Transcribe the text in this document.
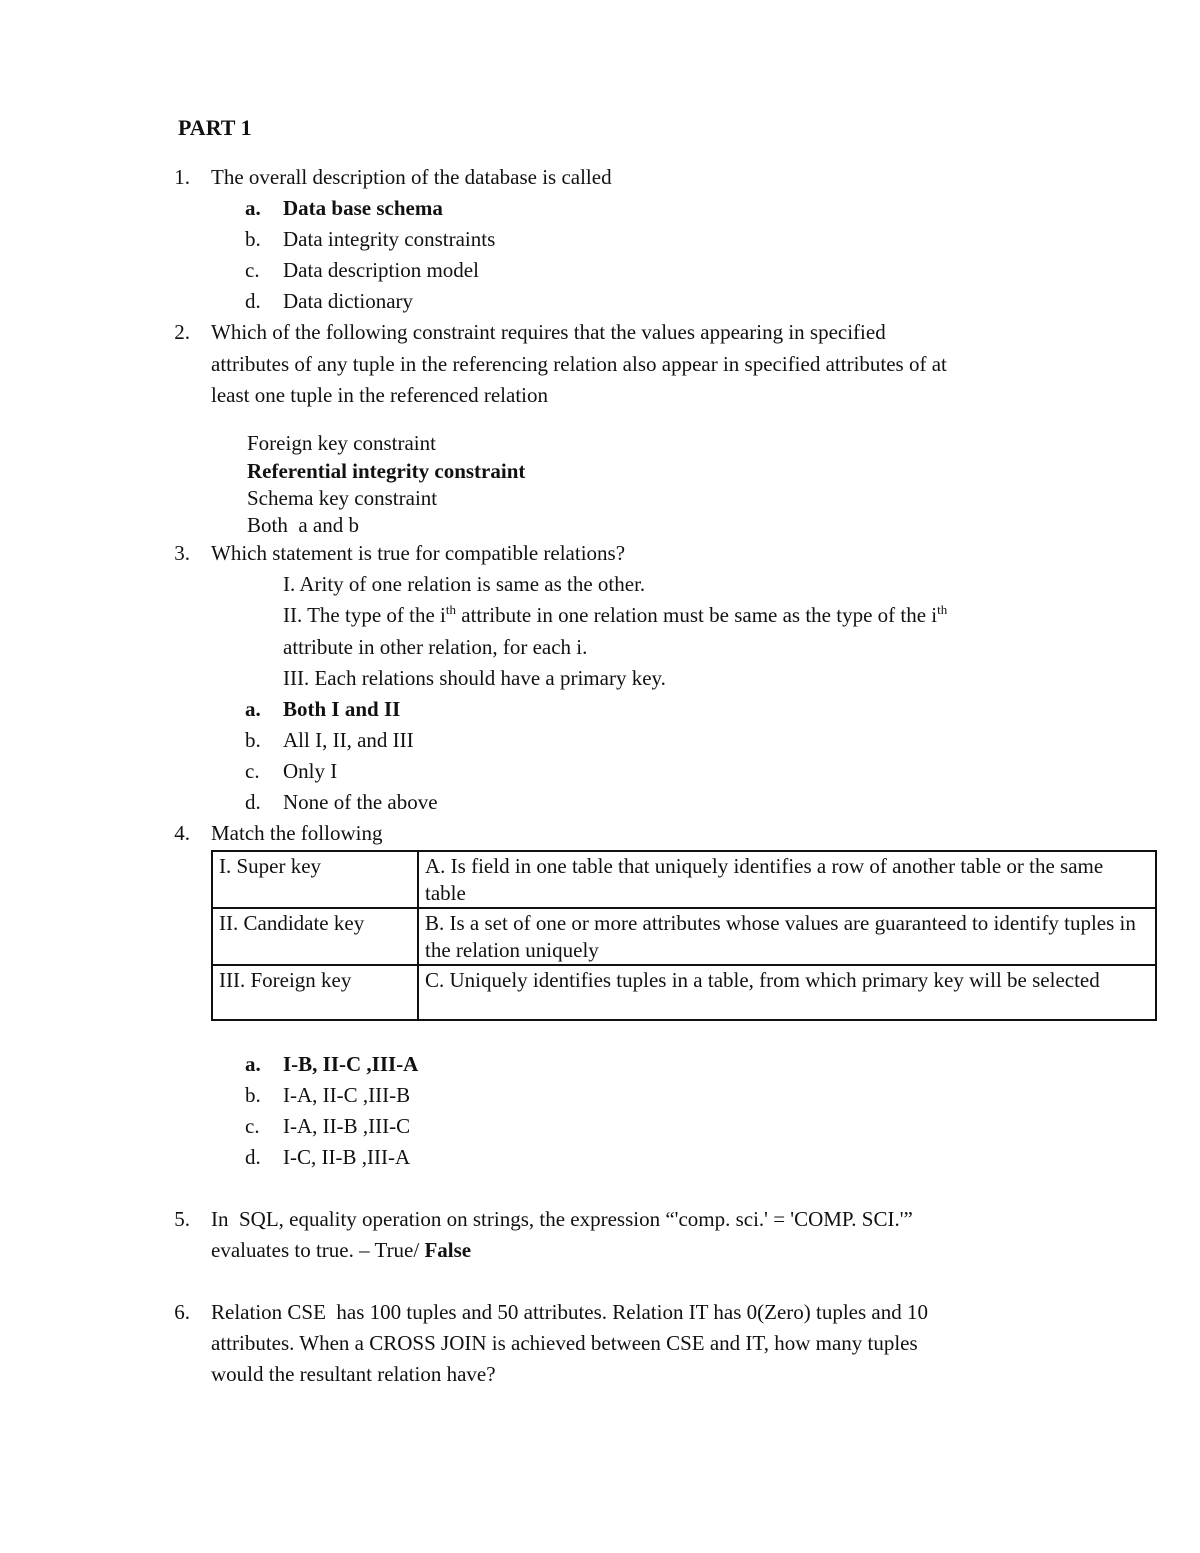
PART 1
1. The overall description of the database is called
a.	Data base schema
b.	Data integrity constraints
c.	Data description model
d.	Data dictionary
2. Which of the following constraint requires that the values appearing in specified
attributes of any tuple in the referencing relation also appear in specified attributes of at
least one tuple in the referenced relation
Foreign key constraint
Referential integrity constraint
Schema key constraint
Both  a and b
3. Which statement is true for compatible relations?
I. Arity of one relation is same as the other.
II. The type of the $i^{th}$ attribute in one relation must be same as the type of the $i^{th}$
attribute in other relation, for each i.
III. Each relations should have a primary key.
a.	Both I and II
b.	All I, II, and III
c.	Only I
d.	None of the above
4. Match the following
I. Super key	A. Is field in one table that uniquely identifies a row of another table or the same table
II. Candidate key	B. Is a set of one or more attributes whose values are guaranteed to identify tuples in the relation uniquely
III. Foreign key	C. Uniquely identifies tuples in a table, from which primary key will be selected
a.	I-B, II-C ,III-A
b.	I-A, II-C ,III-B
c.	I-A, II-B ,III-C
d.	I-C, II-B ,III-A
5. In  SQL, equality operation on strings, the expression “'comp. sci.' = 'COMP. SCI.'”
evaluates to true. – True/ False
6. Relation CSE  has 100 tuples and 50 attributes. Relation IT has 0(Zero) tuples and 10
attributes. When a CROSS JOIN is achieved between CSE and IT, how many tuples
would the resultant relation have?
